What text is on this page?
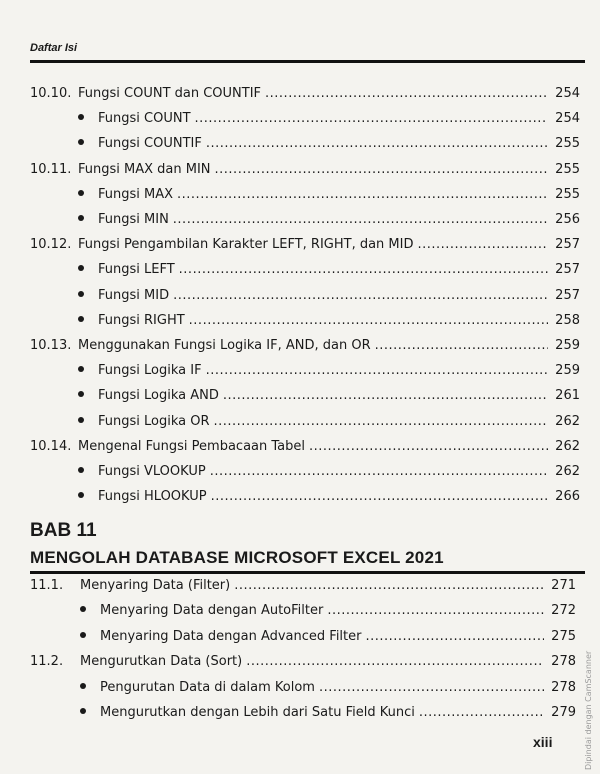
Daftar Isi
10.10. Fungsi COUNT dan COUNTIF .....	254
Fungsi COUNT .....	254
Fungsi COUNTIF .....	255
10.11. Fungsi MAX dan MIN .....	255
Fungsi MAX .....	255
Fungsi MIN .....	256
10.12. Fungsi Pengambilan Karakter LEFT, RIGHT, dan MID .....	257
Fungsi LEFT .....	257
Fungsi MID .....	257
Fungsi RIGHT .....	258
10.13. Menggunakan Fungsi Logika IF, AND, dan OR .....	259
Fungsi Logika IF .....	259
Fungsi Logika AND .....	261
Fungsi Logika OR .....	262
10.14. Mengenal Fungsi Pembacaan Tabel .....	262
Fungsi VLOOKUP .....	262
Fungsi HLOOKUP .....	266
BAB 11
MENGOLAH DATABASE MICROSOFT EXCEL 2021
11.1.	Menyaring Data (Filter) .....	271
Menyaring Data dengan AutoFilter .....	272
Menyaring Data dengan Advanced Filter .....	275
11.2.	Mengurutkan Data (Sort) .....	278
Pengurutan Data di dalam Kolom .....	278
Mengurutkan dengan Lebih dari Satu Field Kunci .....	279
xiii	Dipindai dengan CamScanner
